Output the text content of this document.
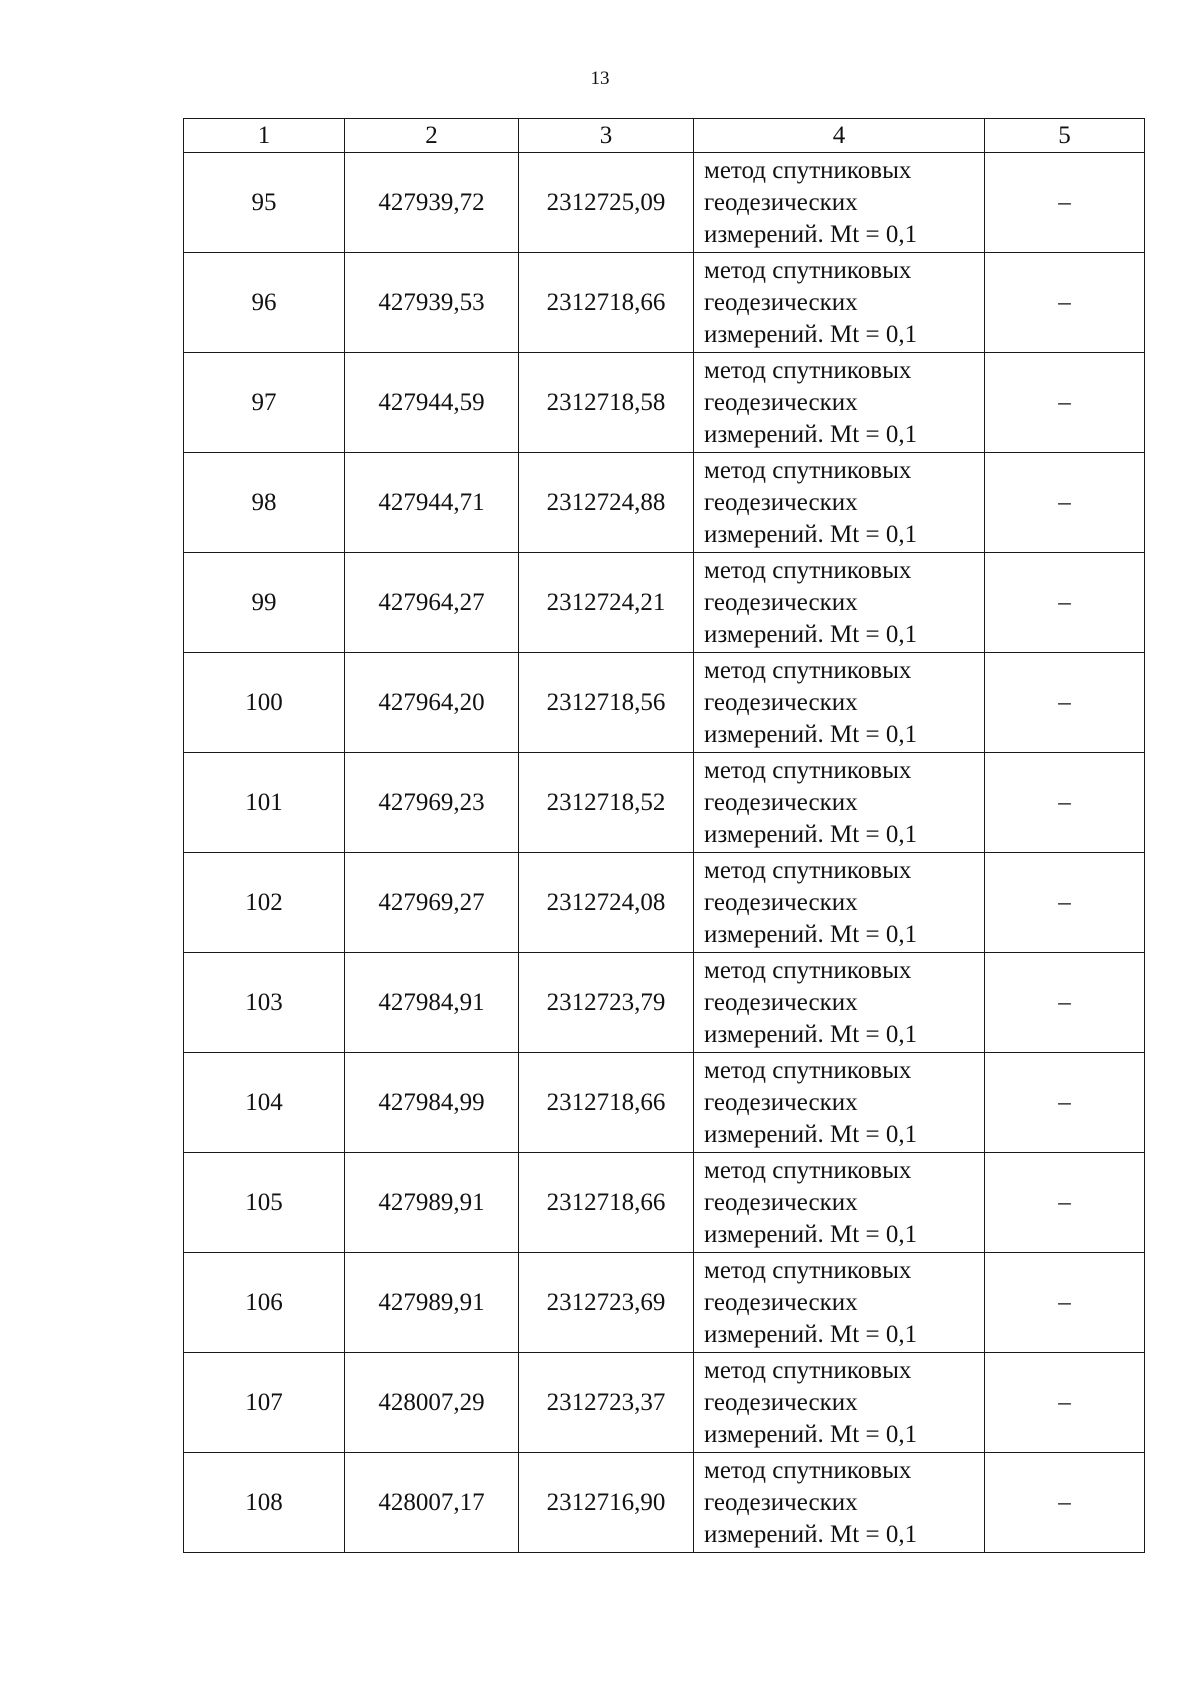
13
1	2	3	4	5
95	427939,72	2312725,09	метод спутниковых
геодезических
измерений. Mt = 0,1	–
96	427939,53	2312718,66	метод спутниковых
геодезических
измерений. Mt = 0,1	–
97	427944,59	2312718,58	метод спутниковых
геодезических
измерений. Mt = 0,1	–
98	427944,71	2312724,88	метод спутниковых
геодезических
измерений. Mt = 0,1	–
99	427964,27	2312724,21	метод спутниковых
геодезических
измерений. Mt = 0,1	–
100	427964,20	2312718,56	метод спутниковых
геодезических
измерений. Mt = 0,1	–
101	427969,23	2312718,52	метод спутниковых
геодезических
измерений. Mt = 0,1	–
102	427969,27	2312724,08	метод спутниковых
геодезических
измерений. Mt = 0,1	–
103	427984,91	2312723,79	метод спутниковых
геодезических
измерений. Mt = 0,1	–
104	427984,99	2312718,66	метод спутниковых
геодезических
измерений. Mt = 0,1	–
105	427989,91	2312718,66	метод спутниковых
геодезических
измерений. Mt = 0,1	–
106	427989,91	2312723,69	метод спутниковых
геодезических
измерений. Mt = 0,1	–
107	428007,29	2312723,37	метод спутниковых
геодезических
измерений. Mt = 0,1	–
108	428007,17	2312716,90	метод спутниковых
геодезических
измерений. Mt = 0,1	–
